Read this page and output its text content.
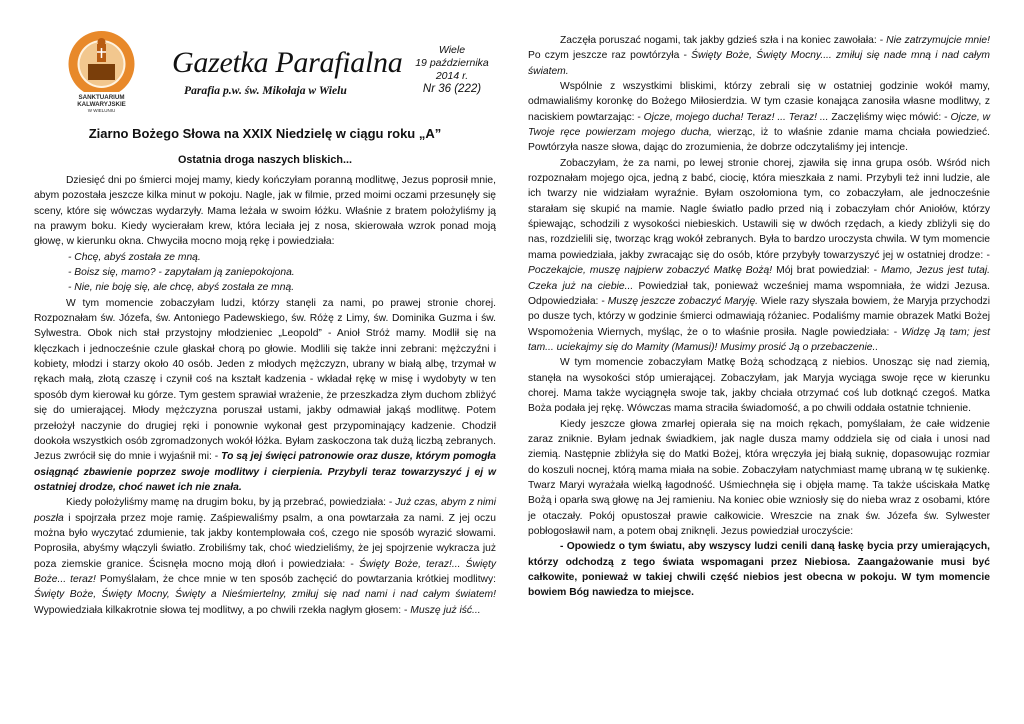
SANKTUARIUM
KALWARYJSKIE
W WIELUNIU
Gazetka Parafialna
Parafia p.w. św. Mikołaja w Wielu
Wiele
19 października
2014 r.
Nr 36 (222)
Ziarno Bożego Słowa na XXIX Niedzielę w ciągu roku „A”
Ostatnia droga naszych bliskich...

Dziesięć dni po śmierci mojej mamy, kiedy kończyłam poranną modlitwę, Jezus poprosił mnie, abym pozostała jeszcze kilka minut w pokoju. Nagle, jak w filmie, przed moimi oczami przesunęły się sceny, które się wówczas wydarzyły. Mama leżała w swoim łóżku. Właśnie z bratem położyliśmy ją na prawym boku. Kiedy wycierałam krew, która leciała jej z nosa, skierowała wzrok ponad moją głowę, w kierunku okna. Chwyciła mocno moją rękę i powiedziała:

- Chcę, abyś została ze mną.

- Boisz się, mamo? - zapytałam ją zaniepokojona.

- Nie, nie boję się, ale chcę, abyś została ze mną.

W tym momencie zobaczyłam ludzi, którzy stanęli za nami, po prawej stronie chorej. Rozpoznałam św. Józefa, św. Antoniego Padewskiego, św. Różę z Limy, św. Dominika Guzma i św. Sylwestra. Obok nich stał przystojny młodzieniec „Leopold” - Anioł Stróż mamy. Modlił się na klęczkach i jednocześnie czule głaskał chorą po głowie. Modlili się także inni zebrani: mężczyźni i kobiety, młodzi i starzy około 40 osób. Jeden z młodych mężczyzn, ubrany w białą albę, trzymał w rękach małą, złotą czaszę i czynił coś na kształt kadzenia - wkładał rękę w misę i wydobyty w ten sposób dym kierował ku górze. Tym gestem sprawiał wrażenie, że przeszkadza złym duchom zbliżyć się do umierającej. Młody mężczyzna poruszał ustami, jakby odmawiał jakąś modlitwę. Potem przełożył naczynie do drugiej ręki i ponownie wykonał gest przypominający kadzenie. Chodził dookoła wszystkich osób zgromadzonych wokół łóżka. Byłam zaskoczona tak dużą liczbą zebranych. Jezus zwrócił się do mnie i wyjaśnił mi: - To są jej święci patronowie oraz dusze, którym pomogła osiągnąć zbawienie poprzez swoje modlitwy i cierpienia. Przybyli teraz towarzyszyć j ej w ostatniej drodze, choć nawet ich nie znała.

Kiedy położyliśmy mamę na drugim boku, by ją przebrać, powiedziała: - Już czas, abym z nimi poszła i spojrzała przez moje ramię. Zaśpiewaliśmy psalm, a ona powtarzała za nami. Z jej oczu można było wyczytać zdumienie, tak jakby kontemplowała coś, czego nie sposób wyrazić słowami. Poprosiła, abyśmy włączyli światło. Zrobiliśmy tak, choć wiedzieliśmy, że jej spojrzenie wykracza już poza ziemskie granice. Ścisnęła mocno moją dłoń i powiedziała: - Święty Boże, teraz!... Święty Boże... teraz! Pomyślałam, że chce mnie w ten sposób zachęcić do powtarzania krótkiej modlitwy: Święty Boże, Święty Mocny, Święty a Nieśmiertelny, zmiłuj się nad nami i nad całym światem! Wypowiedziała kilkakrotnie słowa tej modlitwy, a po chwili rzekła nagłym głosem: - Muszę już iść...

Zaczęła poruszać nogami, tak jakby gdzieś szła i na koniec zawołała: - Nie zatrzymujcie mnie! Po czym jeszcze raz powtórzyła - Święty Boże, Święty Mocny.... zmiłuj się nade mną i nad całym światem.

Wspólnie z wszystkimi bliskimi, którzy zebrali się w ostatniej godzinie wokół mamy, odmawialiśmy koronkę do Bożego Miłosierdzia. W tym czasie konająca zanosiła własne modlitwy, z naciskiem powtarzając: - Ojcze, mojego ducha! Teraz! ... Teraz! ... Zaczęliśmy więc mówić: - Ojcze, w Twoje ręce powierzam mojego ducha, wierząc, iż to właśnie zdanie mama chciała powiedzieć. Powtórzyła nasze słowa, dając do zrozumienia, że dobrze odczytaliśmy jej intencje.

Zobaczyłam, że za nami, po lewej stronie chorej, zjawiła się inna grupa osób. Wśród nich rozpoznałam mojego ojca, jedną z babć, ciocię, która mieszkała z nami. Przybyli też inni ludzie, ale ich twarzy nie widziałam wyraźnie. Byłam oszołomiona tym, co zobaczyłam, ale jednocześnie starałam się skupić na mamie. Nagle światło padło przed nią i zobaczyłam chór Aniołów, którzy śpiewając, schodzili z wysokości niebieskich. Ustawili się w dwóch rzędach, a kiedy zbliżyli się do nas, rozdzielili się, tworząc krąg wokół zebranych. Była to bardzo uroczysta chwila. W tym momencie mama powiedziała, jakby zwracając się do osób, które przybyły towarzyszyć jej w ostatniej drodze: - Poczekajcie, muszę najpierw zobaczyć Matkę Bożą! Mój brat powiedział: - Mamo, Jezus jest tutaj. Czeka już na ciebie... Powiedział tak, ponieważ wcześniej mama wspomniała, że widzi Jezusa. Odpowiedziała: - Muszę jeszcze zobaczyć Maryję. Wiele razy słyszała bowiem, że Maryja przychodzi po dusze tych, którzy w godzinie śmierci odmawiają różaniec. Podaliśmy mamie obrazek Matki Bożej Wspomożenia Wiernych, myśląc, że o to właśnie prosiła. Nagle powiedziała: - Widzę Ją tam; jest tam... uciekajmy się do Mamity (Mamusi)! Musimy prosić Ją o przebaczenie..

W tym momencie zobaczyłam Matkę Bożą schodzącą z niebios. Unosząc się nad ziemią, stanęła na wysokości stóp umierającej. Zobaczyłam, jak Maryja wyciąga swoje ręce w kierunku chorej. Mama także wyciągnęła swoje tak, jakby chciała otrzymać coś lub dotknąć czegoś. Matka Boża podała jej rękę. Wówczas mama straciła świadomość, a po chwili oddała ostatnie tchnienie.

Kiedy jeszcze głowa zmarłej opierała się na moich rękach, pomyślałam, że całe widzenie zaraz zniknie. Byłam jednak świadkiem, jak nagle dusza mamy oddziela się od ciała i unosi nad ziemią. Następnie zbliżyła się do Matki Bożej, która wręczyła jej białą suknię, dopasowując rozmiar do koszuli nocnej, którą mama miała na sobie. Zobaczyłam natychmiast mamę ubraną w tę sukienkę. Twarz Maryi wyrażała wielką łagodność. Uśmiechnęła się i objęła mamę. Ta także uściskała Matkę Bożą i oparła swą głowę na Jej ramieniu. Na koniec obie wzniosły się do nieba wraz z osobami, które je otaczały. Pokój opustoszał prawie całkowicie. Wreszcie na znak św. Józefa św. Sylwester pobłogosławił nam, a potem obaj zniknęli. Jezus powiedział uroczyście:

- Opowiedz o tym światu, aby wszyscy ludzi cenili daną łaskę bycia przy umierających, którzy odchodzą z tego świata wspomagani przez Niebiosa. Zaangażowanie musi być całkowite, ponieważ w takiej chwili część niebios jest obecna w pokoju. W tym momencie bowiem Bóg nawiedza to miejsce.
